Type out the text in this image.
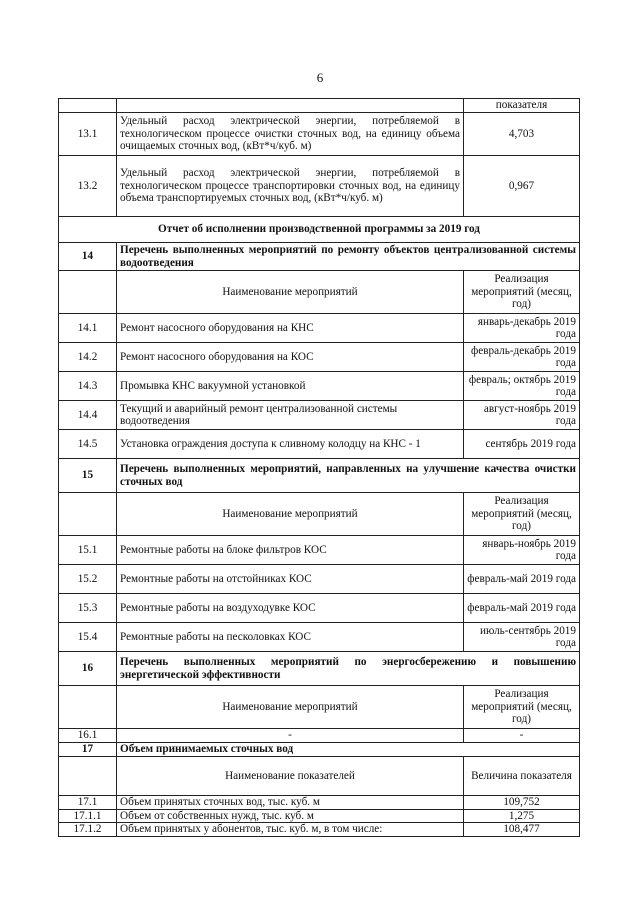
6
		показателя
13.1	Удельный расход электрической энергии, потребляемой в технологическом процессе очистки сточных вод, на единицу объема очищаемых сточных вод, (кВт*ч/куб. м)	4,703
13.2	Удельный расход электрической энергии, потребляемой в технологическом процессе транспортировки сточных вод, на единицу объема транспортируемых сточных вод, (кВт*ч/куб. м)	0,967
Отчет об исполнении производственной программы за 2019 год		
14	Перечень выполненных мероприятий по ремонту объектов централизованной системы водоотведения	
	Наименование мероприятий	Реализация мероприятий (месяц, год)
14.1	Ремонт насосного оборудования на КНС	январь-декабрь 2019 года
14.2	Ремонт насосного оборудования на КОС	февраль-декабрь 2019 года
14.3	Промывка КНС вакуумной установкой	февраль; октябрь 2019 года
14.4	Текущий и аварийный ремонт централизованной системы водоотведения	август-ноябрь 2019 года
14.5	Установка ограждения доступа к сливному колодцу на КНС - 1	сентябрь 2019 года
15	Перечень выполненных мероприятий, направленных на улучшение качества очистки сточных вод	
	Наименование мероприятий	Реализация мероприятий (месяц, год)
15.1	Ремонтные работы на блоке фильтров КОС	январь-ноябрь 2019 года
15.2	Ремонтные работы на отстойниках КОС	февраль-май 2019 года
15.3	Ремонтные работы на воздуходувке КОС	февраль-май 2019 года
15.4	Ремонтные работы на песколовках КОС	июль-сентябрь 2019 года
16	Перечень выполненных мероприятий по энергосбережению и повышению энергетической эффективности	
	Наименование мероприятий	Реализация мероприятий (месяц, год)
16.1	-	-
17	Объем принимаемых сточных вод	
	Наименование показателей	Величина показателя
17.1	Объем принятых сточных вод, тыс. куб. м	109,752
17.1.1	Объем от собственных нужд, тыс. куб. м	1,275
17.1.2	Объем принятых у абонентов, тыс. куб. м, в том числе:	108,477
